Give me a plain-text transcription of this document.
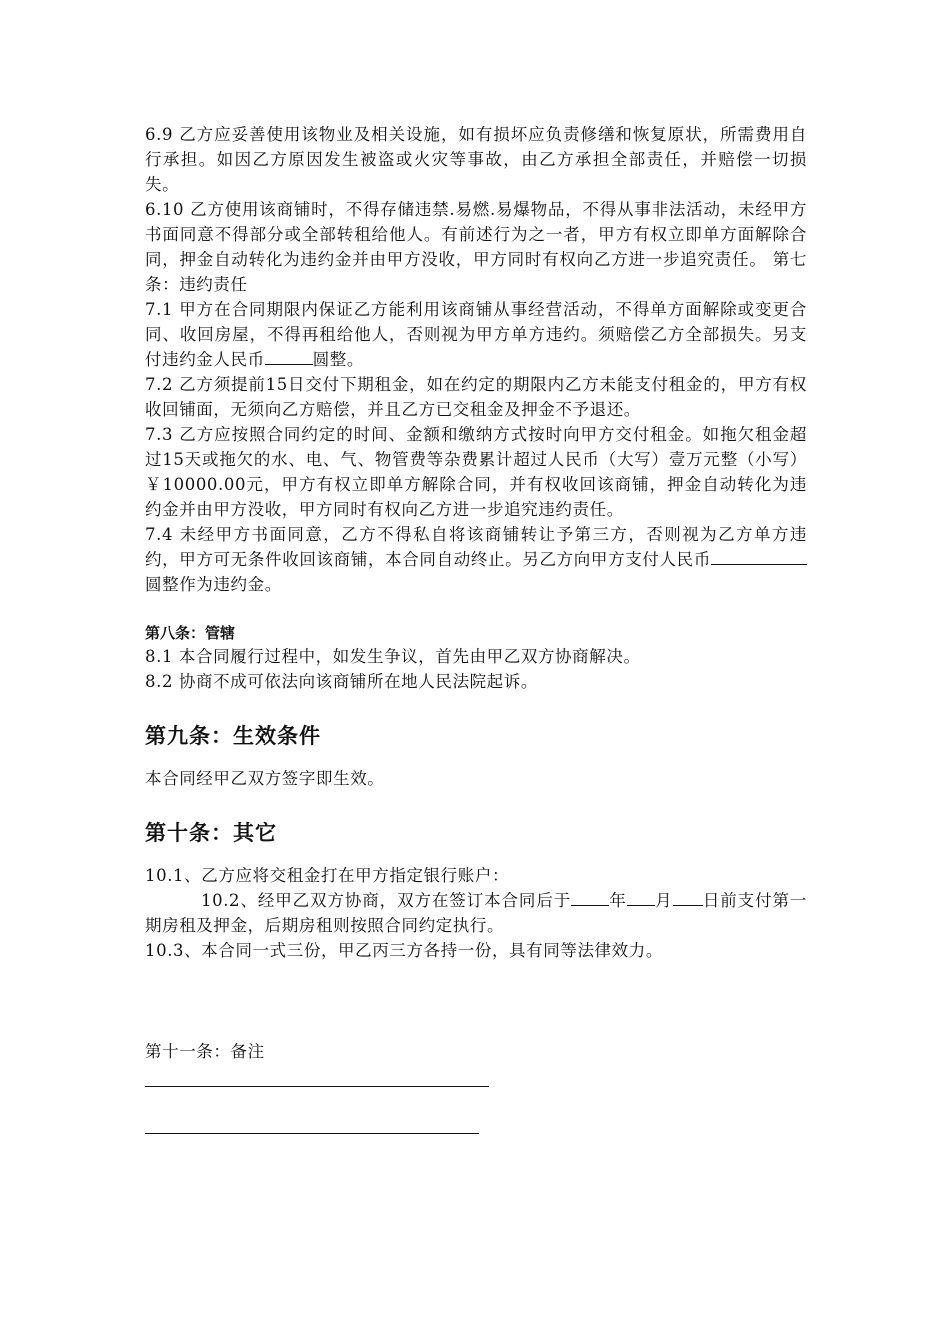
6.9 乙方应妥善使用该物业及相关设施，如有损坏应负责修缮和恢复原状，所需费用自行承担。如因乙方原因发生被盗或火灾等事故，由乙方承担全部责任，并赔偿一切损失。

6.10 乙方使用该商铺时，不得存储违禁.易燃.易爆物品，不得从事非法活动，未经甲方书面同意不得部分或全部转租给他人。有前述行为之一者，甲方有权立即单方面解除合同，押金自动转化为违约金并由甲方没收，甲方同时有权向乙方进一步追究责任。 第七条：违约责任

7.1 甲方在合同期限内保证乙方能利用该商铺从事经营活动，不得单方面解除或变更合同、收回房屋，不得再租给他人，否则视为甲方单方违约。须赔偿乙方全部损失。另支付违约金人民币	圆整。

7.2 乙方须提前15日交付下期租金，如在约定的期限内乙方未能支付租金的，甲方有权收回铺面，无须向乙方赔偿，并且乙方已交租金及押金不予退还。

7.3 乙方应按照合同约定的时间、金额和缴纳方式按时向甲方交付租金。如拖欠租金超过15天或拖欠的水、电、气、物管费等杂费累计超过人民币（大写）壹万元整（小写）￥10000.00元，甲方有权立即单方解除合同，并有权收回该商铺，押金自动转化为违约金并由甲方没收，甲方同时有权向乙方进一步追究违约责任。

7.4 未经甲方书面同意，乙方不得私自将该商铺转让予第三方，否则视为乙方单方违约，甲方可无条件收回该商铺，本合同自动终止。另乙方向甲方支付人民币圆整作为违约金。

第八条：管辖

8.1 本合同履行过程中，如发生争议，首先由甲乙双方协商解决。

8.2 协商不成可依法向该商铺所在地人民法院起诉。

第九条：生效条件

本合同经甲乙双方签字即生效。

第十条：其它

10.1、乙方应将交租金打在甲方指定银行账户：

10.2、经甲乙双方协商，双方在签订本合同后于 年 月 日前支付第一期房租及押金，后期房租则按照合同约定执行。

10.3、本合同一式三份，甲乙丙三方各持一份，具有同等法律效力。

第十一条：备注
